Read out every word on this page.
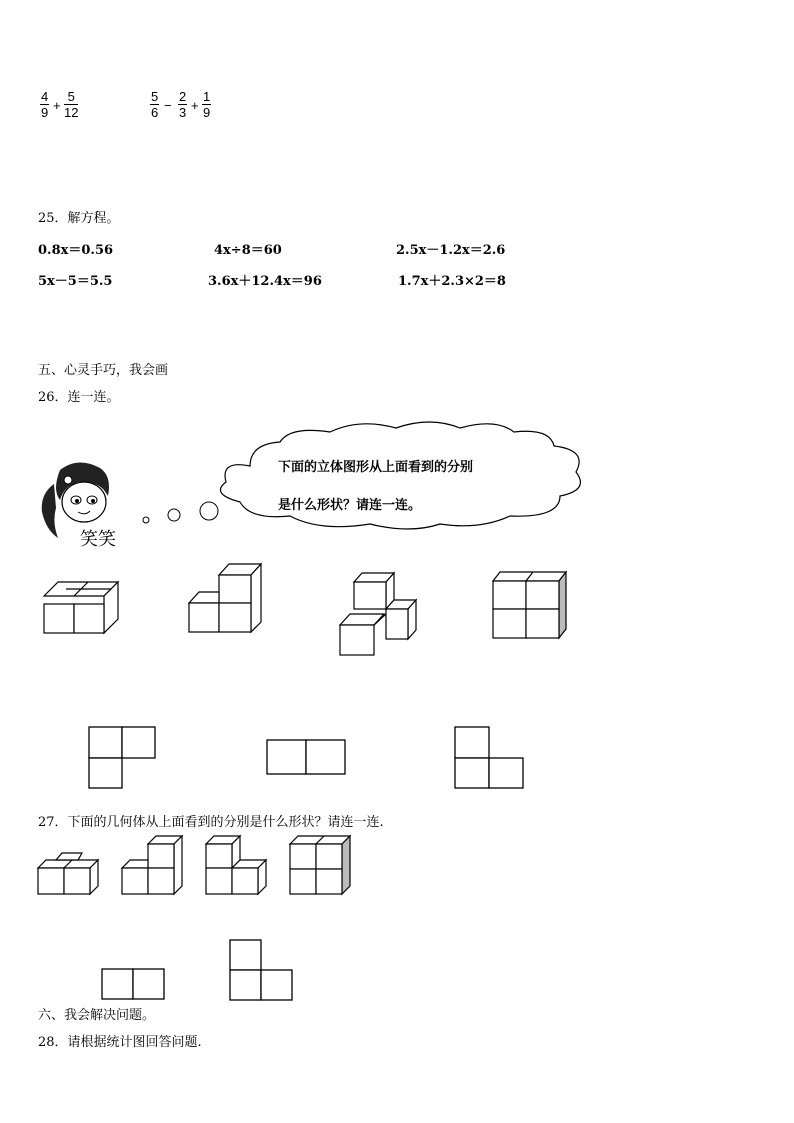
4
9 +
5
12
5
6 −
2
3 +
1
9
25．解方程。
0.8x＝0.56	4x÷8＝60	2.5x－1.2x＝2.6
5x－5＝5.5	3.6x＋12.4x＝96	1.7x＋2.3×2＝8
五、心灵手巧，我会画
26．连一连。
笑笑
下面的立体图形从上面看到的分别
是什么形状？请连一连。
27．下面的几何体从上面看到的分别是什么形状？请连一连.
六、我会解决问题。
28．请根据统计图回答问题.
